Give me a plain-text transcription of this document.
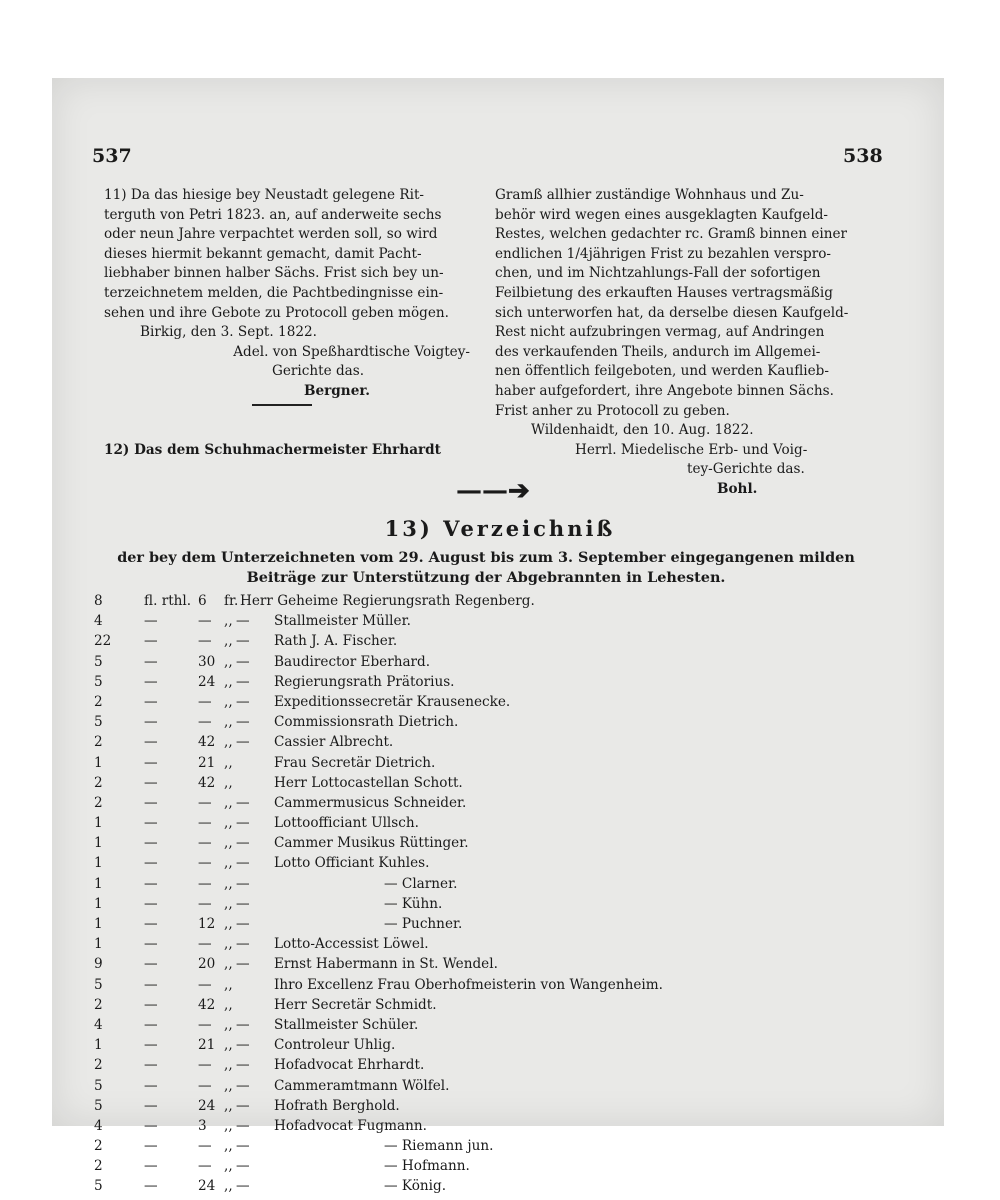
537	538
11) Da das hiesige bey Neustadt gelegene Rit-
terguth von Petri 1823. an, auf anderweite sechs
oder neun Jahre verpachtet werden soll, so wird
dieses hiermit bekannt gemacht, damit Pacht-
liebhaber binnen halber Sächs. Frist sich bey un-
terzeichnetem melden, die Pachtbedingnisse ein-
sehen und ihre Gebote zu Protocoll geben mögen.
Birkig, den 3. Sept. 1822.
Adel. von Speßhardtische Voigtey-
Gerichte das.
Bergner.
12) Das dem Schuhmachermeister Ehrhardt
Gramß allhier zuständige Wohnhaus und Zu-
behör wird wegen eines ausgeklagten Kaufgeld-
Restes, welchen gedachter rc. Gramß binnen einer
endlichen 1/4jährigen Frist zu bezahlen verspro-
chen, und im Nichtzahlungs-Fall der sofortigen
Feilbietung des erkauften Hauses vertragsmäßig
sich unterworfen hat, da derselbe diesen Kaufgeld-
Rest nicht aufzubringen vermag, auf Andringen
des verkaufenden Theils, andurch im Allgemei-
nen öffentlich feilgeboten, und werden Kauflieb-
haber aufgefordert, ihre Angebote binnen Sächs.
Frist anher zu Protocoll zu geben.
Wildenhaidt, den 10. Aug. 1822.
Herrl. Miedelische Erb- und Voig-
tey-Gerichte das.
Bohl.
——➔
13) Verzeichniß
der bey dem Unterzeichneten vom 29. August bis zum 3. September eingegangenen milden
Beiträge zur Unterstützung der Abgebrannten in Lehesten.
8	fl. rthl. 6 fr. Herr Geheime Regierungsrath Regenberg.
4	—	— ,, — Stallmeister Müller.
22 —	— ,, — Rath J. A. Fischer.
5	—	30 ,, — Baudirector Eberhard.
5	—	24 ,, — Regierungsrath Prätorius.
2	—	— ,, — Expeditionssecretär Krausenecke.
5	—	— ,, — Commissionsrath Dietrich.
2	—	42 ,, — Cassier Albrecht.
1	—	21 ,,	Frau Secretär Dietrich.
2	—	42 ,,	Herr Lottocastellan Schott.
2	—	— ,, — Cammermusicus Schneider.
1	—	— ,, — Lottoofficiant Ullsch.
1	—	— ,, — Cammer Musikus Rüttinger.
1	—	— ,, — Lotto Officiant Kuhles.
1	—	— ,, —	— Clarner.
1	—	— ,, —	— Kühn.
1	—	12 ,, —	— Puchner.
1	—	— ,, — Lotto-Accessist Löwel.
9	—	20 ,, — Ernst Habermann in St. Wendel.
5	—	— ,,	Ihro Excellenz Frau Oberhofmeisterin von Wangenheim.
2	—	42 ,,	Herr Secretär Schmidt.
4	—	— ,, — Stallmeister Schüler.
1	—	21 ,, — Controleur Uhlig.
2	—	— ,, — Hofadvocat Ehrhardt.
5	—	— ,, — Cammeramtmann Wölfel.
5	—	24 ,, — Hofrath Berghold.
4	—	3 ,, — Hofadvocat Fugmann.
2	—	— ,, —	— Riemann jun.
2	—	— ,, —	— Hofmann.
5	—	24 ,, —	— König.
